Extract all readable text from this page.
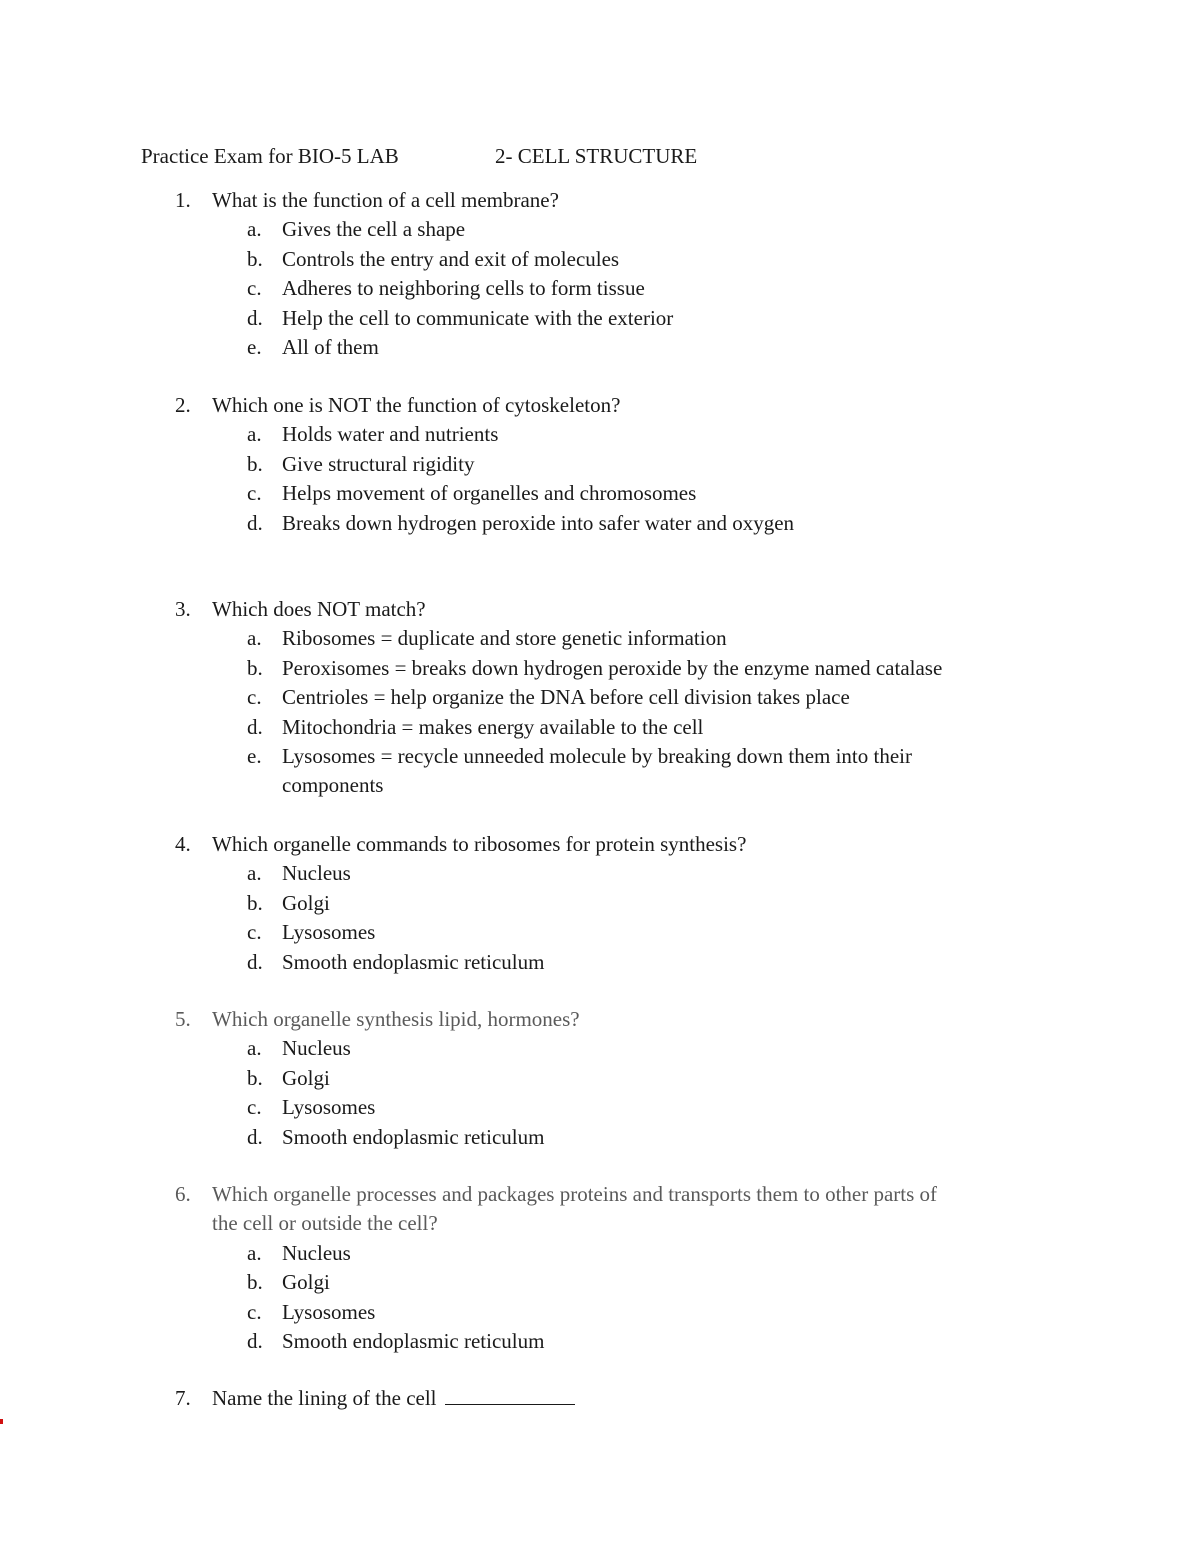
Practice Exam for BIO-5 LAB	2- CELL STRUCTURE
1. What is the function of a cell membrane?
a. Gives the cell a shape
b. Controls the entry and exit of molecules
c. Adheres to neighboring cells to form tissue
d. Help the cell to communicate with the exterior
e. All of them
2. Which one is NOT the function of cytoskeleton?
a. Holds water and nutrients
b. Give structural rigidity
c. Helps movement of organelles and chromosomes
d. Breaks down hydrogen peroxide into safer water and oxygen
3. Which does NOT match?
a. Ribosomes = duplicate and store genetic information
b. Peroxisomes = breaks down hydrogen peroxide by the enzyme named catalase
c. Centrioles = help organize the DNA before cell division takes place
d. Mitochondria = makes energy available to the cell
e. Lysosomes = recycle unneeded molecule by breaking down them into their
components
4. Which organelle commands to ribosomes for protein synthesis?
a. Nucleus
b. Golgi
c. Lysosomes
d. Smooth endoplasmic reticulum
5. Which organelle synthesis lipid, hormones?
a. Nucleus
b. Golgi
c. Lysosomes
d. Smooth endoplasmic reticulum
6. Which organelle processes and packages proteins and transports them to other parts of
the cell or outside the cell?
a. Nucleus
b. Golgi
c. Lysosomes
d. Smooth endoplasmic reticulum
7. Name the lining of the cell
